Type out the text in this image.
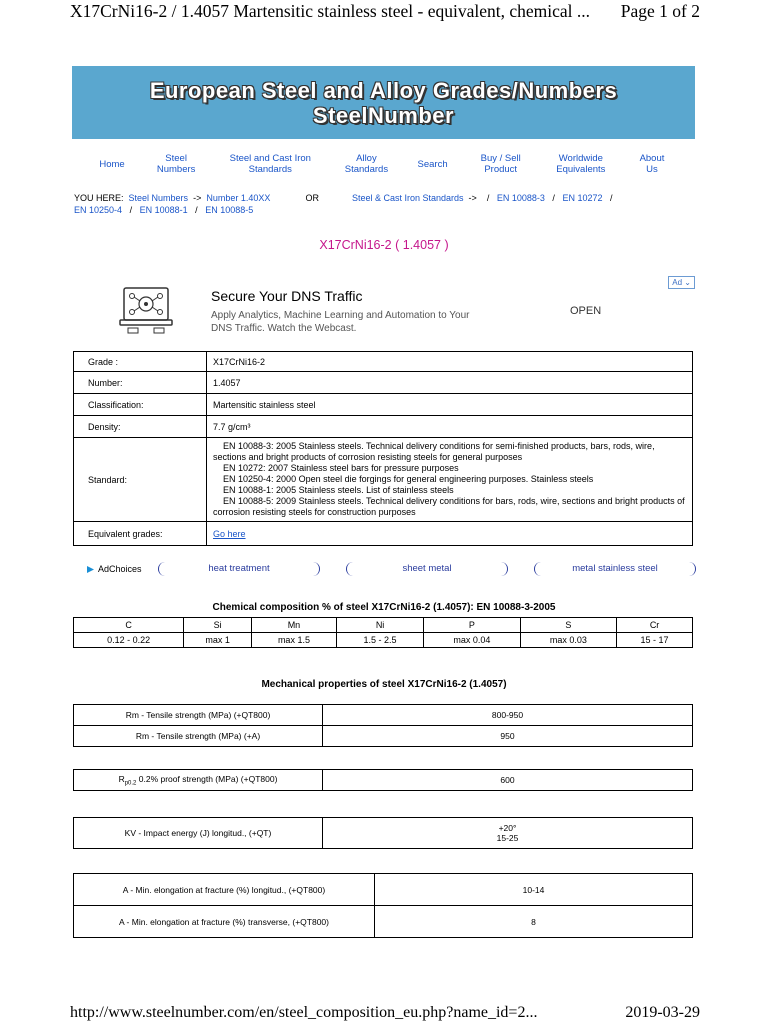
X17CrNi16-2 / 1.4057 Martensitic stainless steel - equivalent, chemical ... Page 1 of 2
European Steel and Alloy Grades/Numbers
SteelNumber
Home	Steel
Numbers
Steel and Cast Iron
Standards
Alloy
Standards	Search	Buy / Sell
Product
Worldwide
Equivalents
About
Us
YOU HERE: Steel Numbers -> Number 1.40XX	OR	Steel & Cast Iron Standards -> / EN 10088-3 / EN 10272 /
EN 10250-4 / EN 10088-1 / EN 10088-5
X17CrNi16-2 ( 1.4057 )
Ad ⌄
Secure Your DNS Traffic
Apply Analytics, Machine Learning and Automation to Your DNS Traffic. Watch the Webcast.
OPEN
Grade :	X17CrNi16-2
Number:	1.4057
Classification:	Martensitic stainless steel
Density:	7.7 g/cm³
Standard:	EN 10088-3: 2005 Stainless steels. Technical delivery conditions for semi-finished products, bars, rods, wire, sections and bright products of corrosion resisting steels for general purposes
EN 10272: 2007 Stainless steel bars for pressure purposes
EN 10250-4: 2000 Open steel die forgings for general engineering purposes. Stainless steels
EN 10088-1: 2005 Stainless steels. List of stainless steels
EN 10088-5: 2009 Stainless steels. Technical delivery conditions for bars, rods, wire, sections and bright products of corrosion resisting steels for construction purposes

Equivalent grades:	Go here
AdChoices	heat treatment	sheet metal	metal stainless steel
Chemical composition % of steel X17CrNi16-2 (1.4057): EN 10088-3-2005
C	Si	Mn	Ni	P	S	Cr
0.12 - 0.22	max 1	max 1.5	1.5 - 2.5	max 0.04	max 0.03	15 - 17
Mechanical properties of steel X17CrNi16-2 (1.4057)
Rm - Tensile strength (MPa) (+QT800)	800-950
Rm - Tensile strength (MPa) (+A)	950
$R_{p0.2}$ 0.2% proof strength (MPa) (+QT800)	600
KV - Impact energy (J) longitud., (+QT)	+20°
15-25
A - Min. elongation at fracture (%) longitud., (+QT800)	10-14
A - Min. elongation at fracture (%) transverse, (+QT800)	8
http://www.steelnumber.com/en/steel_composition_eu.php?name_id=2...	2019-03-29
